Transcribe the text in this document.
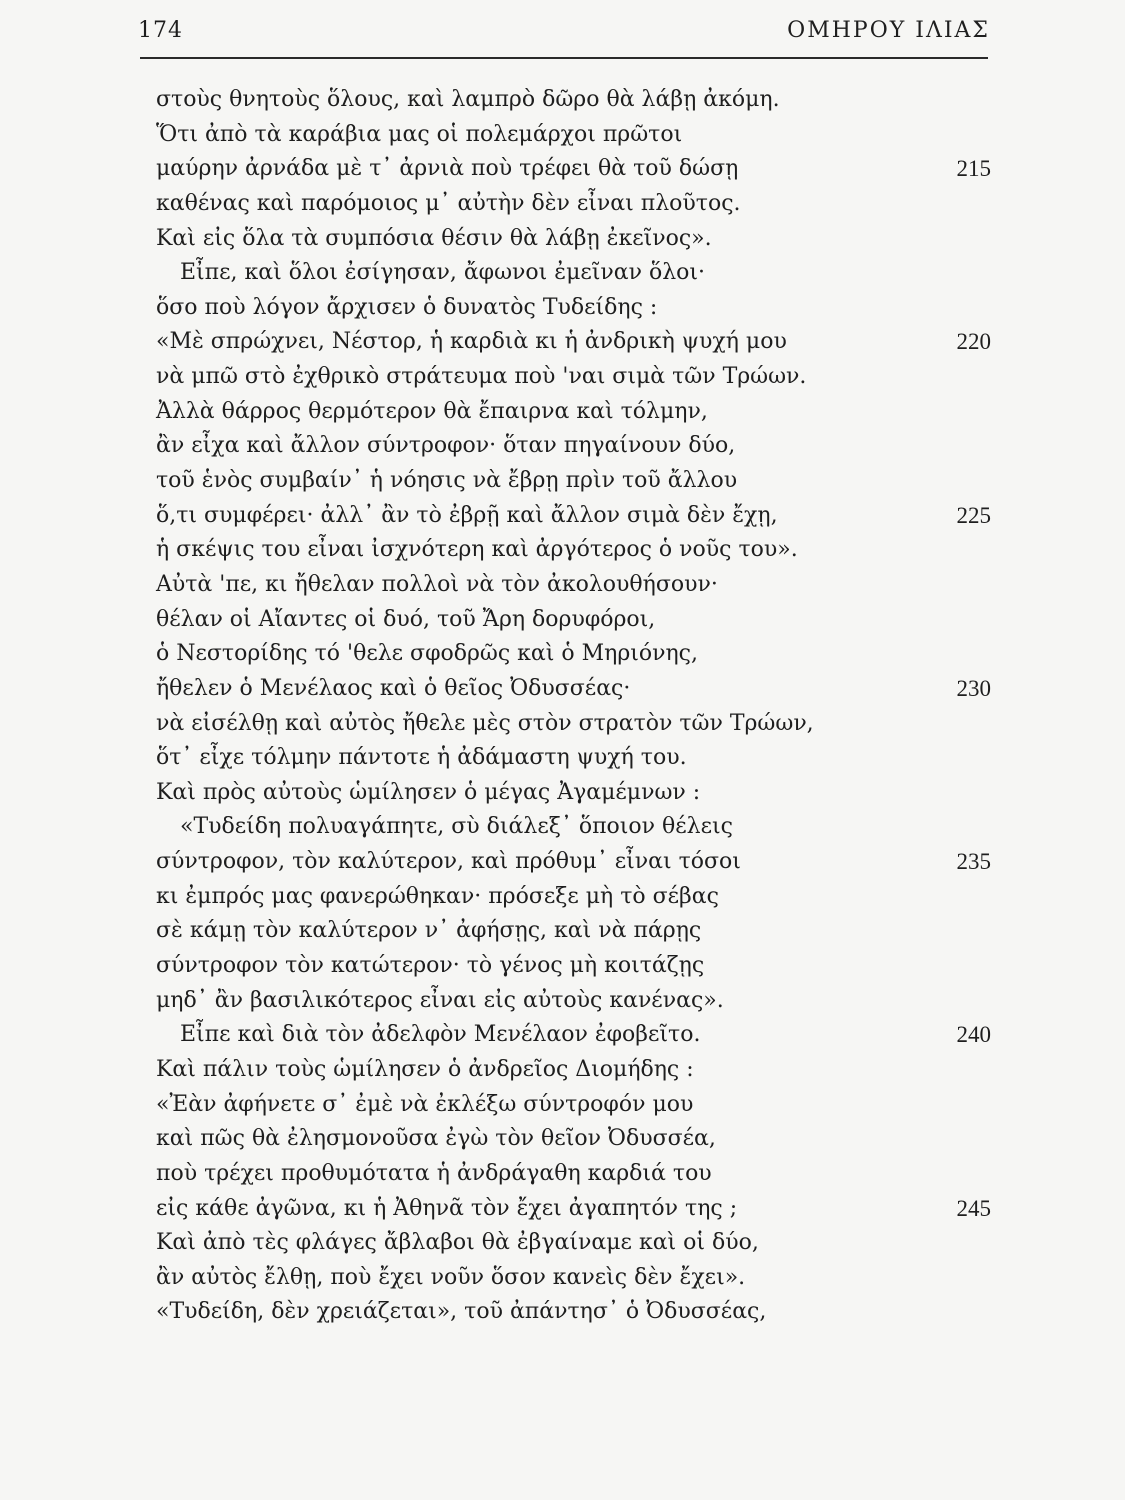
174	ΟΜΗΡΟΥ ΙΛΙΑΣ
στοὺς θνητοὺς ὅλους, καὶ λαμπρὸ δῶρο θὰ λάβῃ ἀκόμη.
Ὅτι ἀπὸ τὰ καράβια μας οἱ πολεμάρχοι πρῶτοι
μαύρην ἀρνάδα μὲ τ᾽ ἀρνιὰ ποὺ τρέφει θὰ τοῦ δώσῃ	215
καθένας καὶ παρόμοιος μ᾽ αὐτὴν δὲν εἶναι πλοῦτος.
Καὶ εἰς ὅλα τὰ συμπόσια θέσιν θὰ λάβῃ ἐκεῖνος».
Εἶπε, καὶ ὅλοι ἐσίγησαν, ἄφωνοι ἐμεῖναν ὅλοι·
ὅσο ποὺ λόγον ἄρχισεν ὁ δυνατὸς Τυδείδης :
«Μὲ σπρώχνει, Νέστορ, ἡ καρδιὰ κι ἡ ἀνδρικὴ ψυχή μου	220
νὰ μπῶ στὸ ἐχθρικὸ στράτευμα ποὺ 'ναι σιμὰ τῶν Τρώων.
Ἀλλὰ θάρρος θερμότερον θὰ ἔπαιρνα καὶ τόλμην,
ἂν εἶχα καὶ ἄλλον σύντροφον· ὅταν πηγαίνουν δύο,
τοῦ ἑνὸς συμβαίν᾽ ἡ νόησις νὰ ἔβρῃ πρὶν τοῦ ἄλλου
ὅ,τι συμφέρει· ἀλλ᾽ ἂν τὸ ἐβρῇ καὶ ἄλλον σιμὰ δὲν ἔχῃ,	225
ἡ σκέψις του εἶναι ἰσχνότερη καὶ ἀργότερος ὁ νοῦς του».
Αὐτὰ 'πε, κι ἤθελαν πολλοὶ νὰ τὸν ἀκολουθήσουν·
θέλαν οἱ Αἴαντες οἱ δυό, τοῦ Ἄρη δορυφόροι,
ὁ Νεστορίδης τό 'θελε σφοδρῶς καὶ ὁ Μηριόνης,
ἤθελεν ὁ Μενέλαος καὶ ὁ θεῖος Ὀδυσσέας·	230
νὰ εἰσέλθῃ καὶ αὐτὸς ἤθελε μὲς στὸν στρατὸν τῶν Τρώων,
ὅτ᾽ εἶχε τόλμην πάντοτε ἡ ἀδάμαστη ψυχή του.
Καὶ πρὸς αὐτοὺς ὡμίλησεν ὁ μέγας Ἀγαμέμνων :
«Τυδείδη πολυαγάπητε, σὺ διάλεξ᾽ ὅποιον θέλεις
σύντροφον, τὸν καλύτερον, καὶ πρόθυμ᾽ εἶναι τόσοι	235
κι ἐμπρός μας φανερώθηκαν· πρόσεξε μὴ τὸ σέβας
σὲ κάμῃ τὸν καλύτερον ν᾽ ἀφήσῃς, καὶ νὰ πάρῃς
σύντροφον τὸν κατώτερον· τὸ γένος μὴ κοιτάζῃς
μηδ᾽ ἂν βασιλικότερος εἶναι εἰς αὐτοὺς κανένας».
Εἶπε καὶ διὰ τὸν ἀδελφὸν Μενέλαον ἐφοβεῖτο.	240
Καὶ πάλιν τοὺς ὡμίλησεν ὁ ἀνδρεῖος Διομήδης :
«Ἐὰν ἀφήνετε σ᾽ ἐμὲ νὰ ἐκλέξω σύντροφόν μου
καὶ πῶς θὰ ἐλησμονοῦσα ἐγὼ τὸν θεῖον Ὀδυσσέα,
ποὺ τρέχει προθυμότατα ἡ ἀνδράγαθη καρδιά του
εἰς κάθε ἀγῶνα, κι ἡ Ἀθηνᾶ τὸν ἔχει ἀγαπητόν της ;	245
Καὶ ἀπὸ τὲς φλάγες ἄβλαβοι θὰ ἐβγαίναμε καὶ οἱ δύο,
ἂν αὐτὸς ἔλθῃ, ποὺ ἔχει νοῦν ὅσον κανεὶς δὲν ἔχει».
«Τυδείδη, δὲν χρειάζεται», τοῦ ἀπάντησ᾽ ὁ Ὀδυσσέας,
